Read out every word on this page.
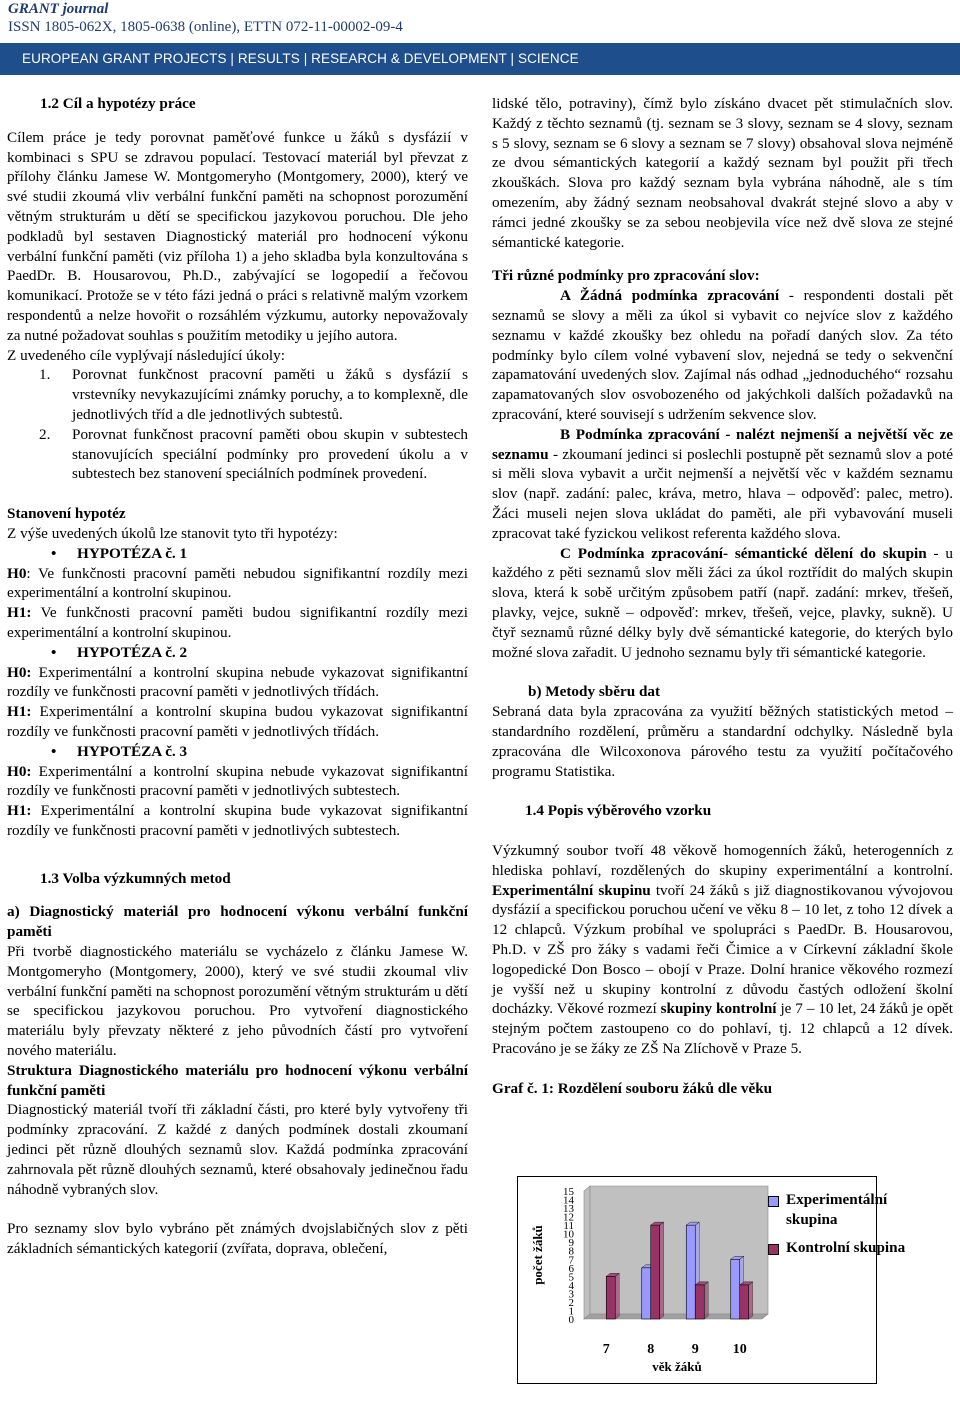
GRANT journal
ISSN 1805-062X, 1805-0638 (online), ETTN 072-11-00002-09-4
EUROPEAN GRANT PROJECTS | RESULTS | RESEARCH & DEVELOPMENT | SCIENCE

1.2 Cíl a hypotézy práce

Cílem práce je tedy porovnat paměťové funkce u žáků s dysfázií v kombinaci s SPU se zdravou populací. Testovací materiál byl převzat z přílohy článku Jamese W. Montgomeryho (Montgomery, 2000), který ve své studii zkoumá vliv verbální funkční paměti na schopnost porozumění větným strukturám u dětí se specifickou jazykovou poruchou. Dle jeho podkladů byl sestaven Diagnostický materiál pro hodnocení výkonu verbální funkční paměti (viz příloha 1) a jeho skladba byla konzultována s PaedDr. B. Housarovou, Ph.D., zabývající se logopedií a řečovou komunikací. Protože se v této fázi jedná o práci s relativně malým vzorkem respondentů a nelze hovořit o rozsáhlém výzkumu, autorky nepovažovaly za nutné požadovat souhlas s použitím metodiky u jejího autora.

Z uvedeného cíle vyplývají následující úkoly:

1.	Porovnat funkčnost pracovní paměti u žáků s dysfázií s vrstevníky nevykazujícími známky poruchy, a to komplexně, dle jednotlivých tříd a dle jednotlivých subtestů.
2.	Porovnat funkčnost pracovní paměti obou skupin v subtestech stanovujících speciální podmínky pro provedení úkolu a v subtestech bez stanovení speciálních podmínek provedení.

Stanovení hypotéz

Z výše uvedených úkolů lze stanovit tyto tři hypotézy:

•	HYPOTÉZA č. 1

H0: Ve funkčnosti pracovní paměti nebudou signifikantní rozdíly mezi experimentální a kontrolní skupinou.

H1: Ve funkčnosti pracovní paměti budou signifikantní rozdíly mezi experimentální a kontrolní skupinou.

•	HYPOTÉZA č. 2

H0: Experimentální a kontrolní skupina nebude vykazovat signifikantní rozdíly ve funkčnosti pracovní paměti v jednotlivých třídách.

H1: Experimentální a kontrolní skupina budou vykazovat signifikantní rozdíly ve funkčnosti pracovní paměti v jednotlivých třídách.

•	HYPOTÉZA č. 3

H0: Experimentální a kontrolní skupina nebude vykazovat signifikantní rozdíly ve funkčnosti pracovní paměti v jednotlivých subtestech.

H1: Experimentální a kontrolní skupina bude vykazovat signifikantní rozdíly ve funkčnosti pracovní paměti v jednotlivých subtestech.

1.3 Volba výzkumných metod

a) Diagnostický materiál pro hodnocení výkonu verbální funkční paměti

Při tvorbě diagnostického materiálu se vycházelo z článku Jamese W. Montgomeryho (Montgomery, 2000), který ve své studii zkoumal vliv verbální funkční paměti na schopnost porozumění větným strukturám u dětí se specifickou jazykovou poruchou. Pro vytvoření diagnostického materiálu byly převzaty některé z jeho původních částí pro vytvoření nového materiálu.

Struktura Diagnostického materiálu pro hodnocení výkonu verbální funkční paměti

Diagnostický materiál tvoří tři základní části, pro které byly vytvořeny tři podmínky zpracování. Z každé z daných podmínek dostali zkoumaní jedinci pět různě dlouhých seznamů slov. Každá podmínka zpracování zahrnovala pět různě dlouhých seznamů, které obsahovaly jedinečnou řadu náhodně vybraných slov.

Pro seznamy slov bylo vybráno pět známých dvojslabičných slov z pěti základních sémantických kategorií (zvířata, doprava, oblečení,

lidské tělo, potraviny), čímž bylo získáno dvacet pět stimulačních slov. Každý z těchto seznamů (tj. seznam se 3 slovy, seznam se 4 slovy, seznam s 5 slovy, seznam se 6 slovy a seznam se 7 slovy) obsahoval slova nejméně ze dvou sémantických kategorií a každý seznam byl použit při třech zkouškách. Slova pro každý seznam byla vybrána náhodně, ale s tím omezením, aby žádný seznam neobsahoval dvakrát stejné slovo a aby v rámci jedné zkoušky se za sebou neobjevila více než dvě slova ze stejné sémantické kategorie.

Tři různé podmínky pro zpracování slov:

A Žádná podmínka zpracování - respondenti dostali pět seznamů se slovy a měli za úkol si vybavit co nejvíce slov z každého seznamu v každé zkoušky bez ohledu na pořadí daných slov. Za této podmínky bylo cílem volné vybavení slov, nejedná se tedy o sekvenční zapamatování uvedených slov. Zajímal nás odhad „jednoduchého“ rozsahu zapamatovaných slov osvobozeného od jakýchkoli dalších požadavků na zpracování, které souvisejí s udržením sekvence slov.

B Podmínka zpracování - nalézt nejmenší a největší věc ze seznamu - zkoumaní jedinci si poslechli postupně pět seznamů slov a poté si měli slova vybavit a určit nejmenší a největší věc v každém seznamu slov (např. zadání: palec, kráva, metro, hlava – odpověď: palec, metro). Žáci museli nejen slova ukládat do paměti, ale při vybavování museli zpracovat také fyzickou velikost referenta každého slova.

C Podmínka zpracování- sémantické dělení do skupin - u každého z pěti seznamů slov měli žáci za úkol roztřídit do malých skupin slova, která k sobě určitým způsobem patří (např. zadání: mrkev, třešeň, plavky, vejce, sukně – odpověď: mrkev, třešeň, vejce, plavky, sukně). U čtyř seznamů různé délky byly dvě sémantické kategorie, do kterých bylo možné slova zařadit. U jednoho seznamu byly tři sémantické kategorie.

b) Metody sběru dat

Sebraná data byla zpracována za využití běžných statistických metod – standardního rozdělení, průměru a standardní odchylky. Následně byla zpracována dle Wilcoxonova párového testu za využití počítačového programu Statistika.

1.4 Popis výběrového vzorku

Výzkumný soubor tvoří 48 věkově homogenních žáků, heterogenních z hlediska pohlaví, rozdělených do skupiny experimentální a kontrolní. Experimentální skupinu tvoří 24 žáků s již diagnostikovanou vývojovou dysfázií a specifickou poruchou učení ve věku 8 – 10 let, z toho 12 dívek a 12 chlapců. Výzkum probíhal ve spolupráci s PaedDr. B. Housarovou, Ph.D. v ZŠ pro žáky s vadami řeči Čimice a v Církevní základní škole logopedické Don Bosco – obojí v Praze. Dolní hranice věkového rozmezí je vyšší než u skupiny kontrolní z důvodu častých odložení školní docházky. Věkové rozmezí skupiny kontrolní je 7 – 10 let, 24 žáků je opět stejným počtem zastoupeno co do pohlaví, tj. 12 chlapců a 12 dívek. Pracováno je se žáky ze ZŠ Na Zlíchově v Praze 5.

Graf č. 1: Rozdělení souboru žáků dle věku

0
1
2
3
4
5
6
7
8
9
10
11
12
13
14
15
počet žáků
7	8	9 10
věk žáků
Experimentální skupina
Kontrolní skupina
